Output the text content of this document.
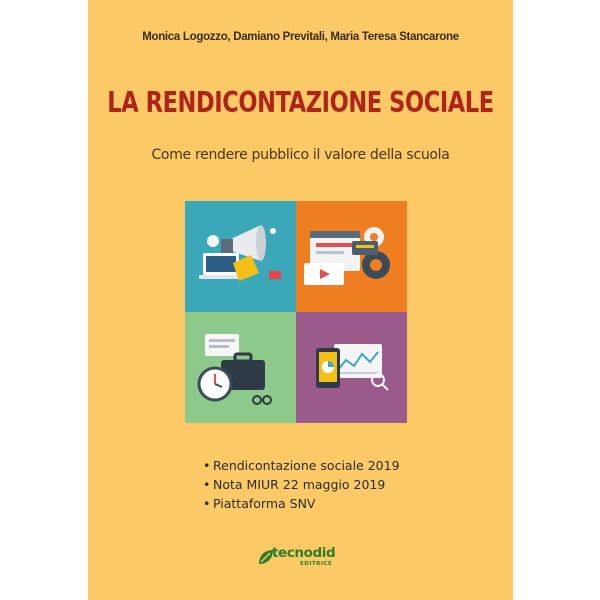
Monica Logozzo, Damiano Previtali, Maria Teresa Stancarone
LA RENDICONTAZIONE SOCIALE
Come rendere pubblico il valore della scuola
• Rendicontazione sociale 2019
• Nota MIUR 22 maggio 2019
• Piattaforma SNV
tecnodid
EDITRICE
